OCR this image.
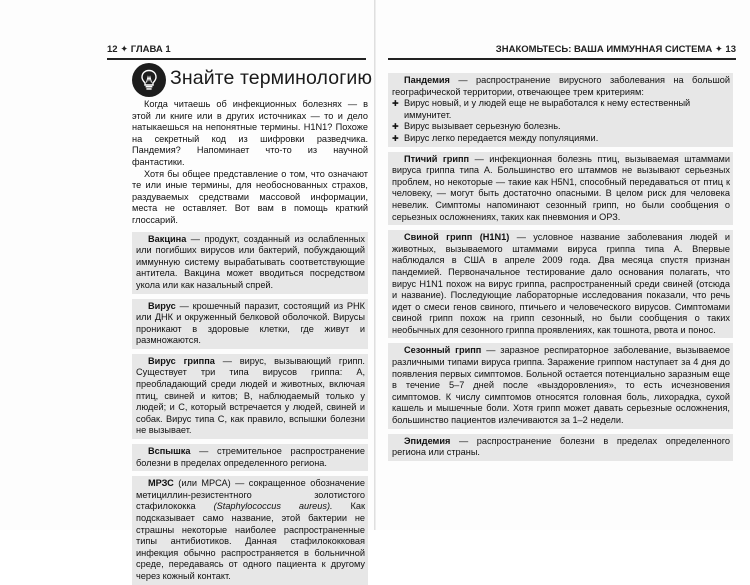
12 ✦ ГЛАВА 1
Знайте терминологию

Когда читаешь об инфекционных болезнях — в этой ли книге или в других источниках — то и дело натыкаешься на непонятные термины. H1N1? Похоже на секретный код из шифровки разведчика. Пандемия? Напоминает что-то из научной фантастики.

Хотя бы общее представление о том, что означают те или иные термины, для необоснованных страхов, раздуваемых средствами массовой информации, места не оставляет. Вот вам в помощь краткий глоссарий.

Вакцина — продукт, созданный из ослабленных или погибших вирусов или бактерий, побуждающий иммунную систему вырабатывать соответствующие антитела. Вакцина может вводиться посредством укола или как назальный спрей.

Вирус — крошечный паразит, состоящий из РНК или ДНК и окруженный белковой оболочкой. Вирусы проникают в здоровые клетки, где живут и размножаются.

Вирус гриппа — вирус, вызывающий грипп. Существует три типа вирусов гриппа: А, преобладающий среди людей и животных, включая птиц, свиней и китов; В, наблюдаемый только у людей; и С, который встречается у людей, свиней и собак. Вирус типа С, как правило, вспышки болезни не вызывает.

Вспышка — стремительное распространение болезни в пределах определенного региона.

МРЗС (или МРСА) — сокращенное обозначение метициллин-резистентного золотистого стафилококка (Staphylococcus aureus). Как подсказывает само название, этой бактерии не страшны некоторые наиболее распространенные типы антибиотиков. Данная стафилококковая инфекция обычно распространяется в больничной среде, передаваясь от одного пациента к другому через кожный контакт.

ЗНАКОМЬТЕСЬ: ВАША ИММУННАЯ СИСТЕМА ✦ 13

Пандемия — распространение вирусного заболевания на большой географической территории, отвечающее трем критериям:

✚ Вирус новый, и у людей еще не выработался к нему естественный иммунитет.
✚ Вирус вызывает серьезную болезнь.
✚ Вирус легко передается между популяциями.

Птичий грипп — инфекционная болезнь птиц, вызываемая штаммами вируса гриппа типа А. Большинство его штаммов не вызывают серьезных проблем, но некоторые — такие как H5N1, способный передаваться от птиц к человеку, — могут быть достаточно опасными. В целом риск для человека невелик. Симптомы напоминают сезонный грипп, но были сообщения о серьезных осложнениях, таких как пневмония и ОРЗ.

Свиной грипп (H1N1) — условное название заболевания людей и животных, вызываемого штаммами вируса гриппа типа А. Впервые наблюдался в США в апреле 2009 года. Два месяца спустя признан пандемией. Первоначальное тестирование дало основания полагать, что вирус H1N1 похож на вирус гриппа, распространенный среди свиней (отсюда и название). Последующие лабораторные исследования показали, что речь идет о смеси генов свиного, птичьего и человеческого вирусов. Симптомами свиной грипп похож на грипп сезонный, но были сообщения о таких необычных для сезонного гриппа проявлениях, как тошнота, рвота и понос.

Сезонный грипп — заразное респираторное заболевание, вызываемое различными типами вируса гриппа. Заражение гриппом наступает за 4 дня до появления первых симптомов. Больной остается потенциально заразным еще в течение 5–7 дней после «выздоровления», то есть исчезновения симптомов. К числу симптомов относятся головная боль, лихорадка, сухой кашель и мышечные боли. Хотя грипп может давать серьезные осложнения, большинство пациентов излечиваются за 1–2 недели.

Эпидемия — распространение болезни в пределах определенного региона или страны.
